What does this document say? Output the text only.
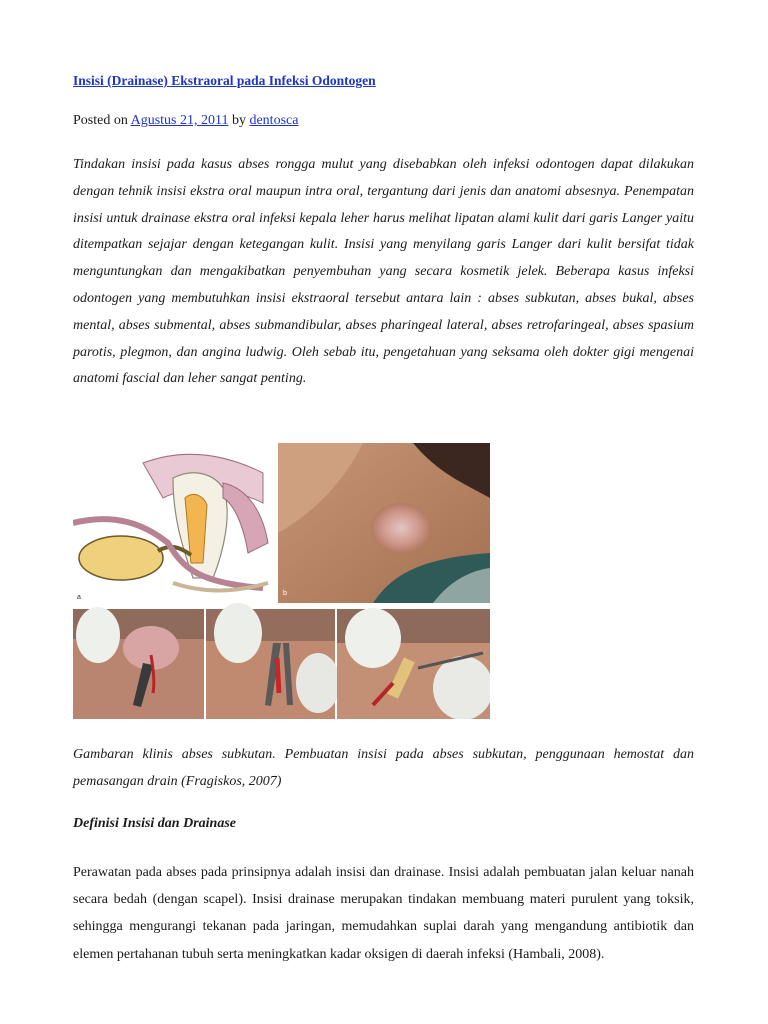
Insisi (Drainase) Ekstraoral pada Infeksi Odontogen
Posted on Agustus 21, 2011 by dentosca

Tindakan insisi pada kasus abses rongga mulut yang disebabkan oleh infeksi odontogen dapat dilakukan dengan tehnik insisi ekstra oral maupun intra oral, tergantung dari jenis dan anatomi absesnya. Penempatan insisi untuk drainase ekstra oral infeksi kepala leher harus melihat lipatan alami kulit dari garis Langer yaitu ditempatkan sejajar dengan ketegangan kulit. Insisi yang menyilang garis Langer dari kulit bersifat tidak menguntungkan dan mengakibatkan penyembuhan yang secara kosmetik jelek. Beberapa kasus infeksi odontogen yang membutuhkan insisi ekstraoral tersebut antara lain : abses subkutan, abses bukal, abses mental, abses submental, abses submandibular, abses pharingeal lateral, abses retrofaringeal, abses spasium parotis, plegmon, dan angina ludwig. Oleh sebab itu, pengetahuan yang seksama oleh dokter gigi mengenai anatomi fascial dan leher sangat penting.

a
b

Gambaran klinis abses subkutan. Pembuatan insisi pada abses subkutan, penggunaan hemostat dan pemasangan drain (Fragiskos, 2007)

Definisi Insisi dan Drainase

Perawatan pada abses pada prinsipnya adalah insisi dan drainase. Insisi adalah pembuatan jalan keluar nanah secara bedah (dengan scapel). Insisi drainase merupakan tindakan membuang materi purulent yang toksik, sehingga mengurangi tekanan pada jaringan, memudahkan suplai darah yang mengandung antibiotik dan elemen pertahanan tubuh serta meningkatkan kadar oksigen di daerah infeksi (Hambali, 2008).
